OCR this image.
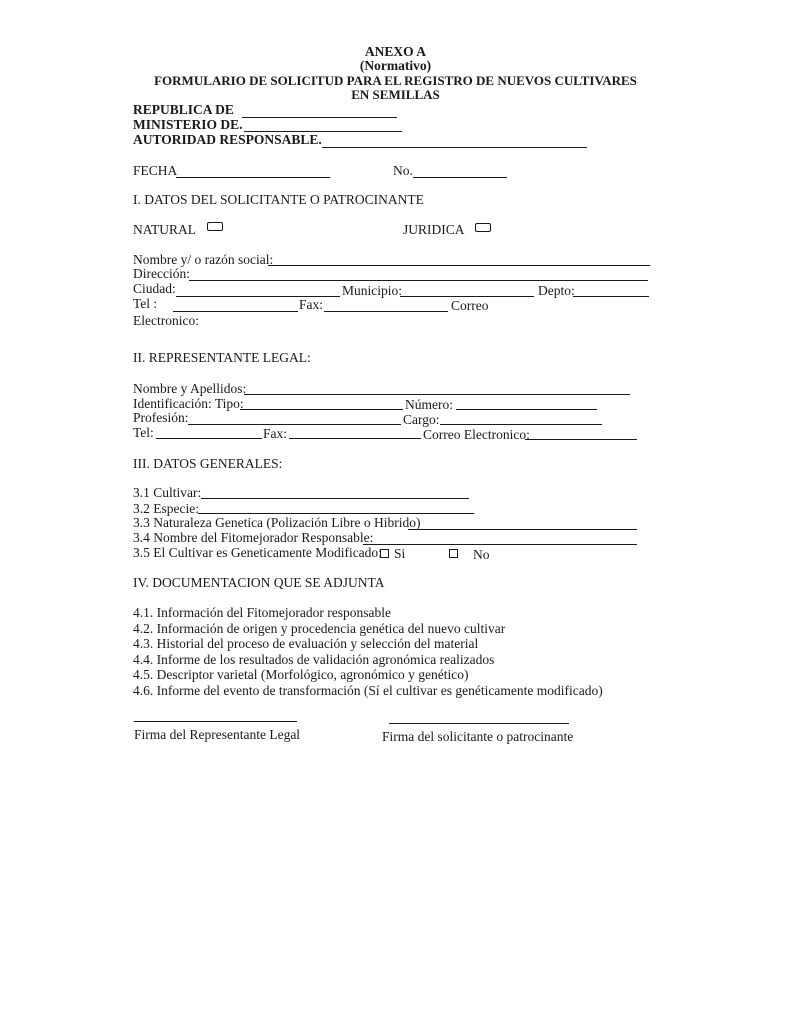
ANEXO A
(Normativo)
FORMULARIO DE SOLICITUD PARA EL REGISTRO DE NUEVOS CULTIVARES
EN SEMILLAS
REPUBLICA DE
MINISTERIO DE.
AUTORIDAD RESPONSABLE.
FECHA	No.
I. DATOS DEL SOLICITANTE O PATROCINANTE
NATURAL	JURIDICA
Nombre y/ o razón social:
Dirección:
Ciudad:	Municipio:	Depto:
Tel :	Fax:	Correo
Electronico:
II. REPRESENTANTE LEGAL:
Nombre y Apellidos:
Identificación: Tipo:	Número:
Profesión:	Cargo:
Tel:	Fax:	Correo Electronico:
III. DATOS GENERALES:
3.1 Cultivar:
3.2 Especie:
3.3 Naturaleza Genetica (Polización Libre o Hibrido)
3.4 Nombre del Fitomejorador Responsable:
3.5 El Cultivar es Geneticamente Modificado: Si	No
IV. DOCUMENTACION QUE SE ADJUNTA
4.1. Información del Fitomejorador responsable
4.2. Información de origen y procedencia genética del nuevo cultivar
4.3. Historial del proceso de evaluación y selección del material
4.4. Informe de los resultados de validación agronómica realizados
4.5. Descriptor varietal (Morfológico, agronómico y genético)
4.6. Informe del evento de transformación (Sí el cultivar es genéticamente modificado)
Firma del Representante Legal	Firma del solicitante o patrocinante
